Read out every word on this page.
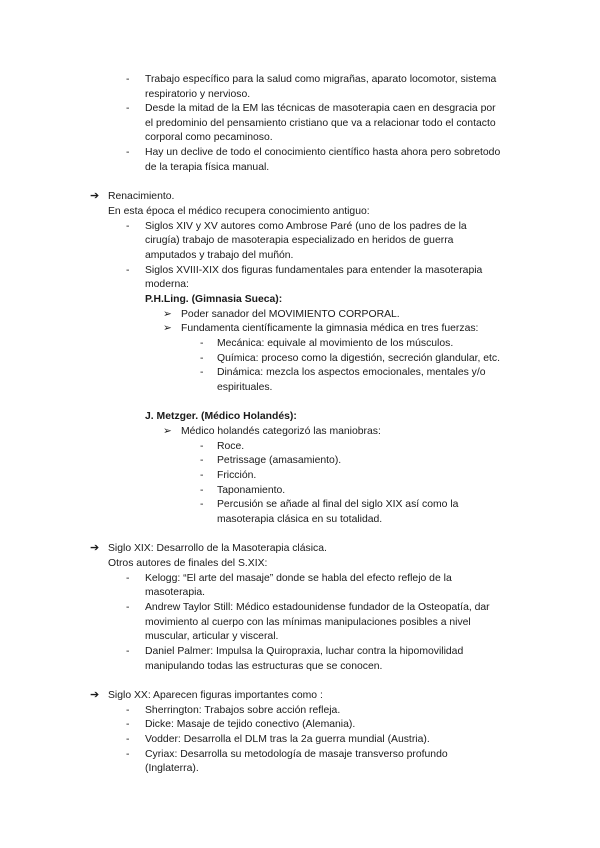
- Trabajo específico para la salud como migrañas, aparato locomotor, sistema
respiratorio y nervioso.
- Desde la mitad de la EM las técnicas de masoterapia caen en desgracia por
el predominio del pensamiento cristiano que va a relacionar todo el contacto
corporal como pecaminoso.
- Hay un declive de todo el conocimiento científico hasta ahora pero sobretodo
de la terapia física manual.
➔ Renacimiento.
En esta época el médico recupera conocimiento antiguo:
- Siglos XIV y XV autores como Ambrose Paré (uno de los padres de la
cirugía) trabajo de masoterapia especializado en heridos de guerra
amputados y trabajo del muñón.
- Siglos XVIII-XIX dos figuras fundamentales para entender la masoterapia
moderna:
P.H.Ling. (Gimnasia Sueca):
➢ Poder sanador del MOVIMIENTO CORPORAL.
➢ Fundamenta científicamente la gimnasia médica en tres fuerzas:
- Mecánica: equivale al movimiento de los músculos.
- Química: proceso como la digestión, secreción glandular, etc.
- Dinámica: mezcla los aspectos emocionales, mentales y/o
espirituales.
J. Metzger. (Médico Holandés):
➢ Médico holandés categorizó las maniobras:
- Roce.
- Petrissage (amasamiento).
- Fricción.
- Taponamiento.
- Percusión se añade al final del siglo XIX así como la
masoterapia clásica en su totalidad.
➔ Siglo XIX: Desarrollo de la Masoterapia clásica.
Otros autores de finales del S.XIX:
- Kelogg: “El arte del masaje” donde se habla del efecto reflejo de la
masoterapia.
- Andrew Taylor Still: Médico estadounidense fundador de la Osteopatía, dar
movimiento al cuerpo con las mínimas manipulaciones posibles a nivel
muscular, articular y visceral.
- Daniel Palmer: Impulsa la Quiropraxia, luchar contra la hipomovilidad
manipulando todas las estructuras que se conocen.
➔ Siglo XX: Aparecen figuras importantes como :
- Sherrington: Trabajos sobre acción refleja.
- Dicke: Masaje de tejido conectivo (Alemania).
- Vodder: Desarrolla el DLM tras la 2a guerra mundial (Austria).
- Cyriax: Desarrolla su metodología de masaje transverso profundo
(Inglaterra).
